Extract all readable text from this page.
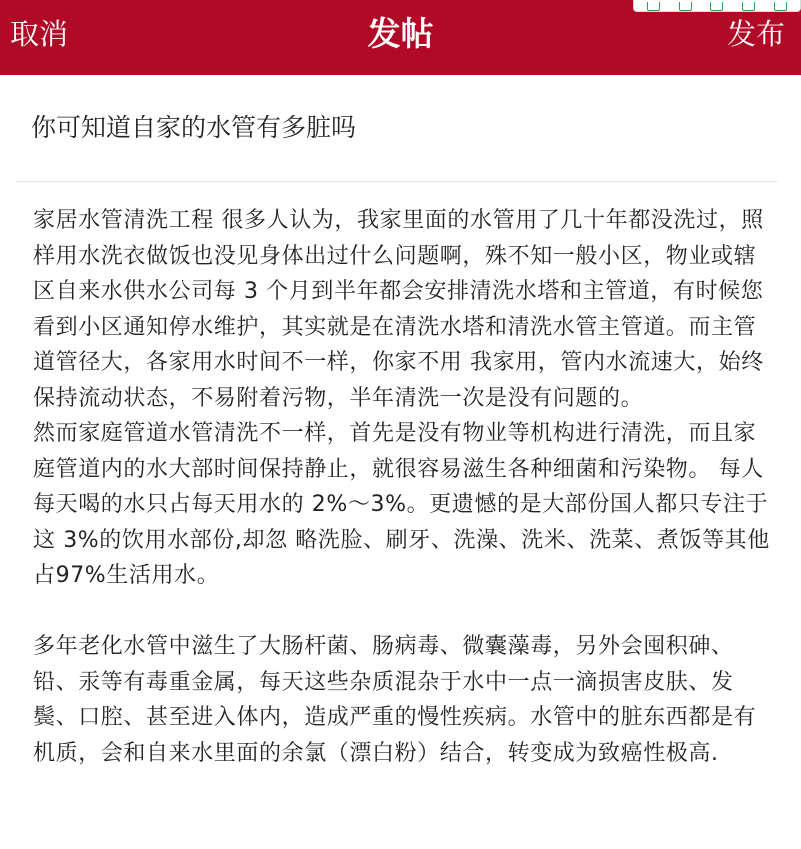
取消	发帖	发布
你可知道自家的水管有多脏吗

家居水管清洗工程 很多人认为，我家里面的水管用了几十年都没洗过，照样用水洗衣做饭也没见身体出过什么问题啊，殊不知一般小区，物业或辖区自来水供水公司每 3 个月到半年都会安排清洗水塔和主管道，有时候您看到小区通知停水维护，其实就是在清洗水塔和清洗水管主管道。而主管道管径大，各家用水时间不一样，你家不用 我家用，管内水流速大，始终保持流动状态，不易附着污物，半年清洗一次是没有问题的。

然而家庭管道水管清洗不一样，首先是没有物业等机构进行清洗，而且家庭管道内的水大部时间保持静止，就很容易滋生各种细菌和污染物。 每人每天喝的水只占每天用水的 2%～3%。更遗憾的是大部份国人都只专注于这 3%的饮用水部份,却忽 略洗脸、刷牙、洗澡、洗米、洗菜、煮饭等其他占97%生活用水。

多年老化水管中滋生了大肠杆菌、肠病毒、微囊藻毒，另外会囤积砷、铅、汞等有毒重金属，每天这些杂质混杂于水中一点一滴损害皮肤、发鬓、口腔、甚至进入体内，造成严重的慢性疾病。水管中的脏东西都是有机质，会和自来水里面的余氯（漂白粉）结合，转变成为致癌性极高.
